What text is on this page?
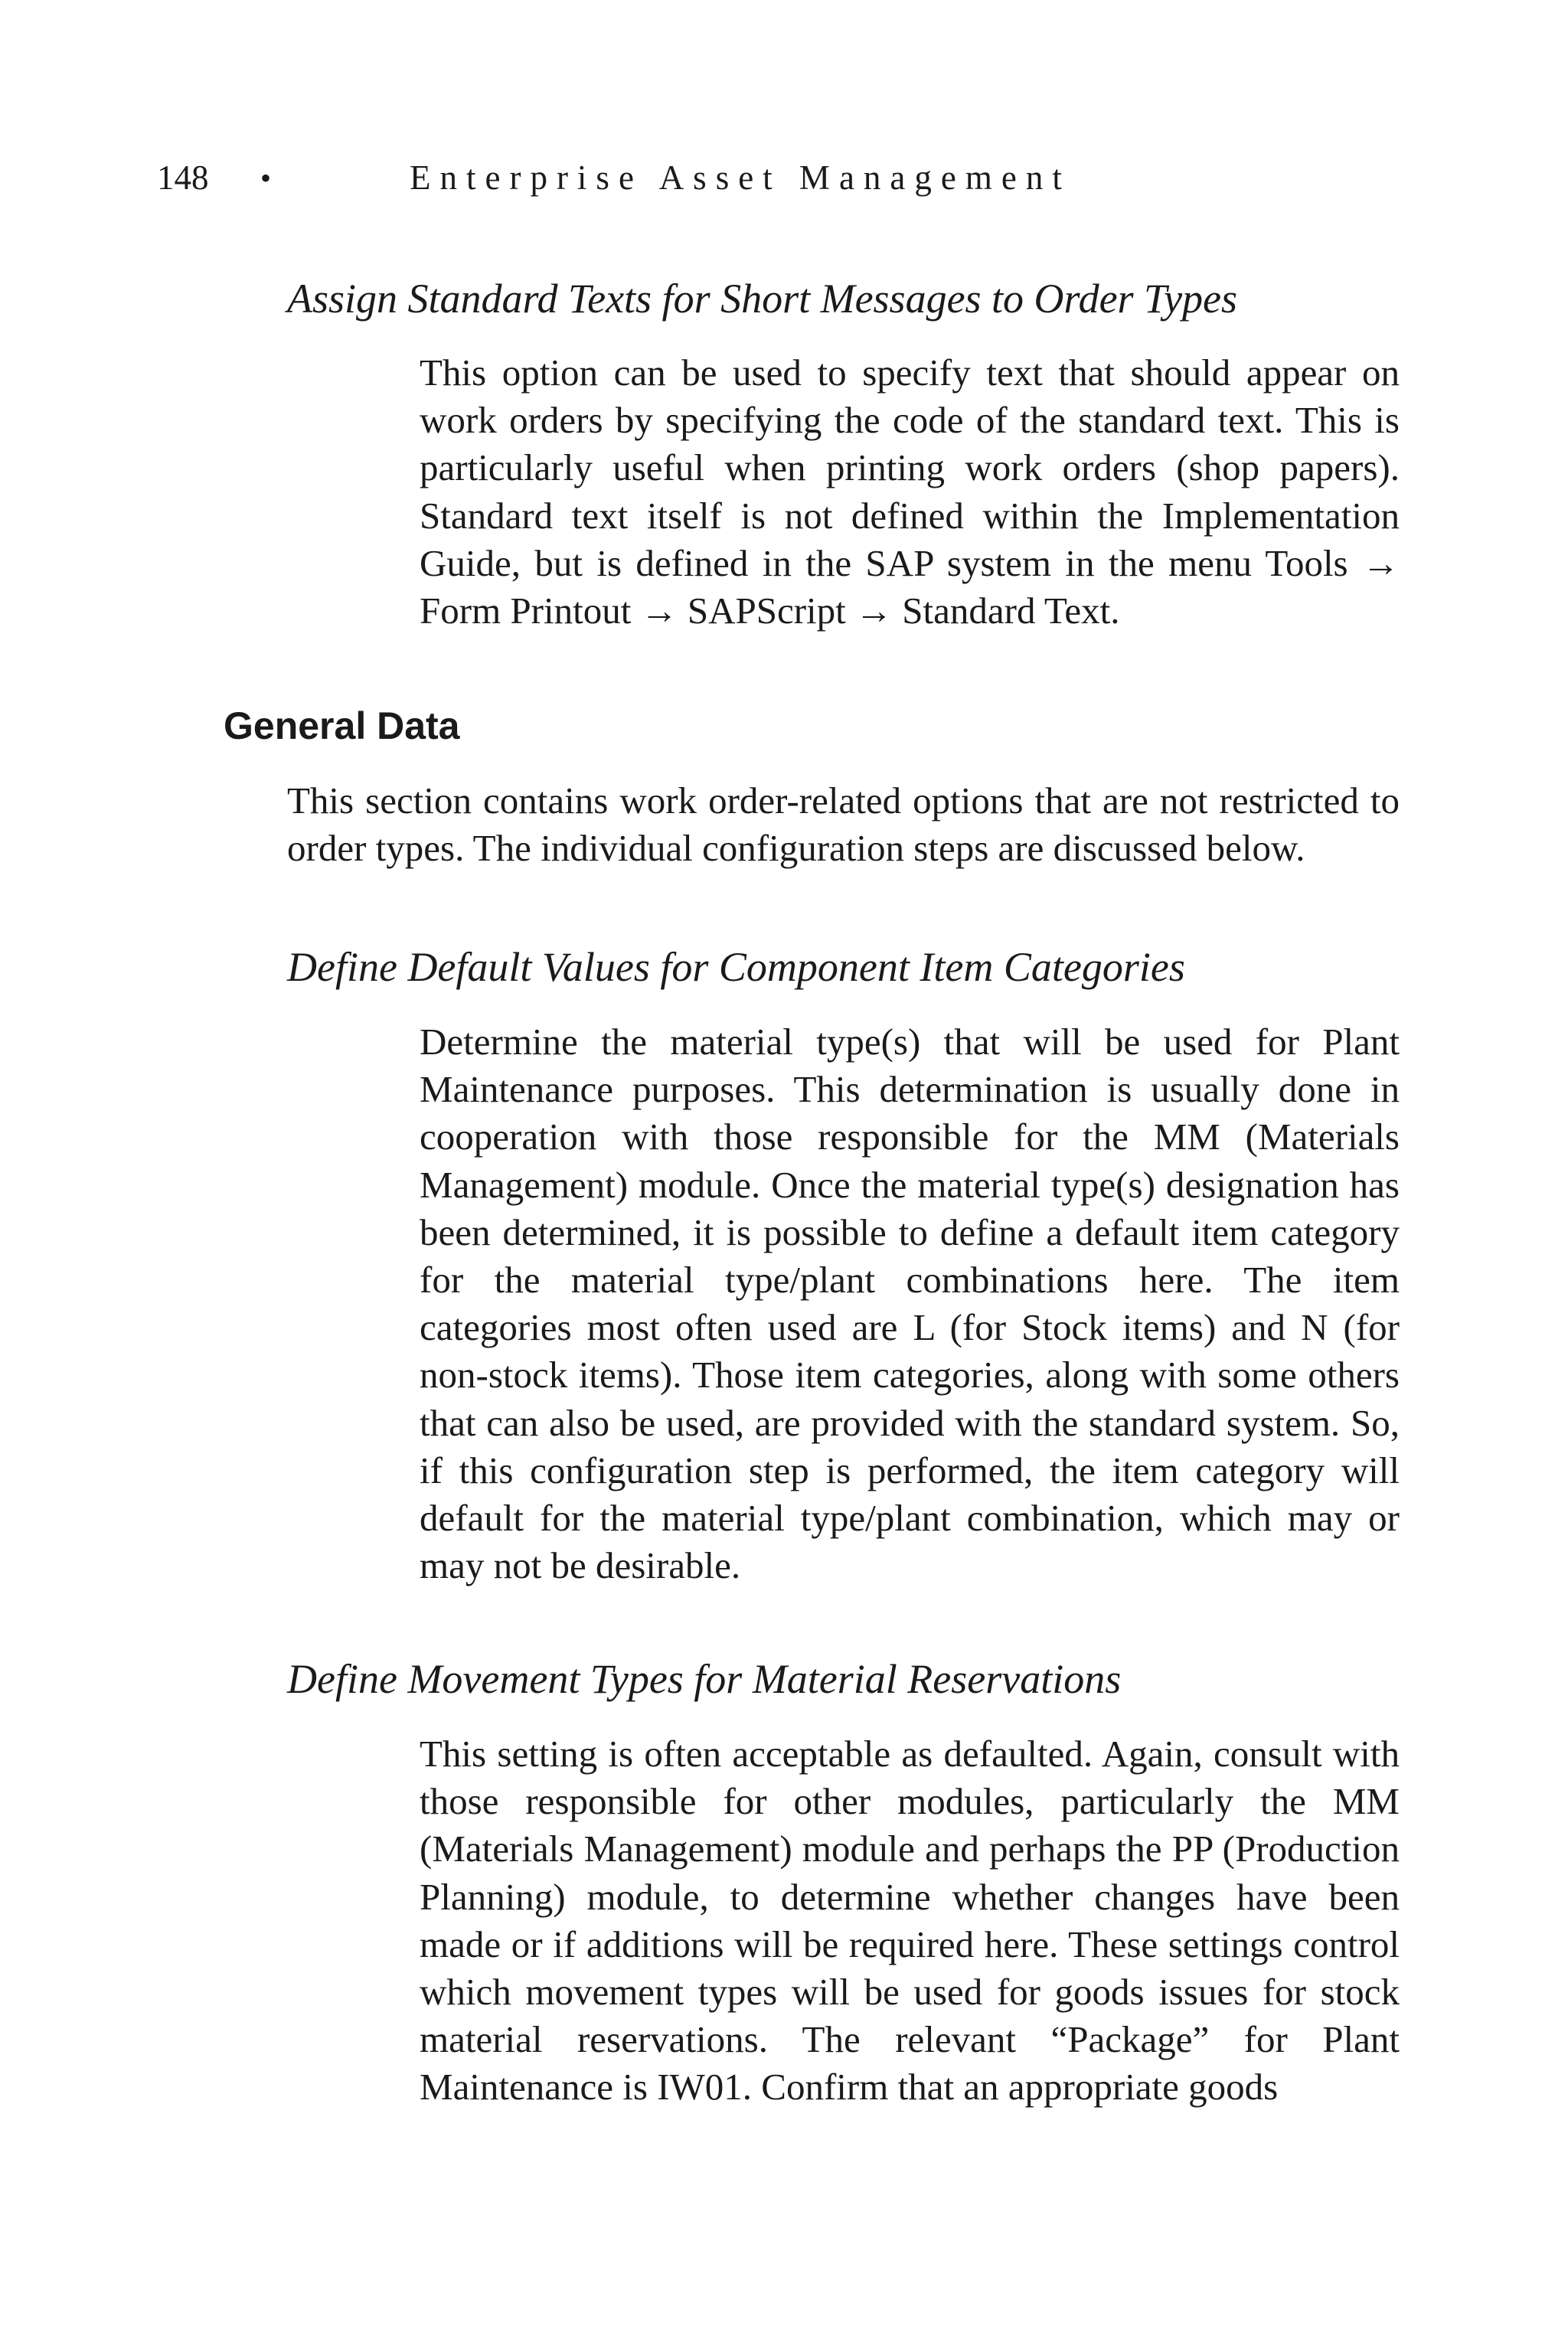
148	•	Enterprise Asset Management
Assign Standard Texts for Short Messages to Order Types

This option can be used to specify text that should appear on work orders by specifying the code of the standard text. This is particularly useful when printing work orders (shop papers). Standard text itself is not defined within the Implementation Guide, but is defined in the SAP system in the menu Tools → Form Printout → SAPScript → Standard Text.

General Data

This section contains work order-related options that are not restricted to order types. The individual configuration steps are discussed below.

Define Default Values for Component Item Categories

Determine the material type(s) that will be used for Plant Maintenance purposes. This determination is usually done in cooperation with those responsible for the MM (Materials Management) module. Once the material type(s) designation has been determined, it is possible to define a default item category for the material type/plant combinations here. The item categories most often used are L (for Stock items) and N (for non-stock items). Those item categories, along with some others that can also be used, are provided with the standard system. So, if this configuration step is performed, the item category will default for the material type/plant combination, which may or may not be desirable.

Define Movement Types for Material Reservations

This setting is often acceptable as defaulted. Again, consult with those responsible for other modules, particularly the MM (Materials Management) module and perhaps the PP (Production Planning) module, to determine whether changes have been made or if additions will be required here. These settings control which movement types will be used for goods issues for stock material reservations. The relevant “Package” for Plant Maintenance is IW01. Confirm that an appropriate goods
